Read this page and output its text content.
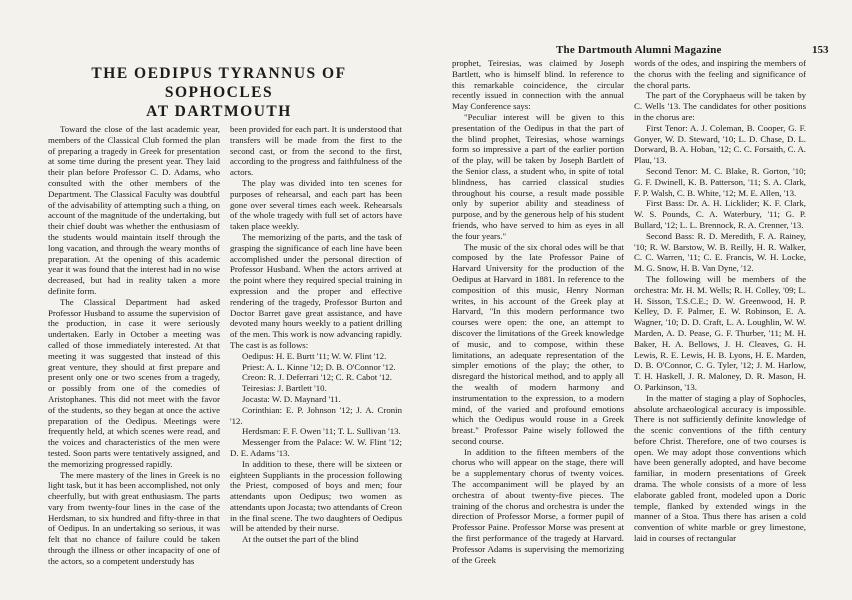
The Dartmouth Alumni Magazine	153
THE OEDIPUS TYRANNUS OF SOPHOCLES
AT DARTMOUTH

Toward the close of the last academic year, members of the Classical Club formed the plan of preparing a tragedy in Greek for presentation at some time during the present year. They laid their plan before Professor C. D. Adams, who consulted with the other members of the Department. The Classical Faculty was doubtful of the advisability of attempting such a thing, on account of the magnitude of the undertaking, but their chief doubt was whether the enthusiasm of the students would maintain itself through the long vacation, and through the weary months of preparation. At the opening of this academic year it was found that the interest had in no wise decreased, but had in reality taken a more definite form.

The Classical Department had asked Professor Husband to assume the supervision of the production, in case it were seriously undertaken. Early in October a meeting was called of those immediately interested. At that meeting it was suggested that instead of this great venture, they should at first prepare and present only one or two scenes from a tragedy, or possibly from one of the comedies of Aristophanes. This did not meet with the favor of the students, so they began at once the active preparation of the Oedipus. Meetings were frequently held, at which scenes were read, and the voices and characteristics of the men were tested. Soon parts were tentatively assigned, and the memorizing progressed rapidly.

The mere mastery of the lines in Greek is no light task, but it has been accomplished, not only cheerfully, but with great enthusiasm. The parts vary from twenty-four lines in the case of the Herdsman, to six hundred and fifty-three in that of Oedipus. In an undertaking so serious, it was felt that no chance of failure could be taken through the illness or other incapacity of one of the actors, so a competent understudy has

been provided for each part. It is understood that transfers will be made from the first to the second cast, or from the second to the first, according to the progress and faithfulness of the actors.

The play was divided into ten scenes for purposes of rehearsal, and each part has been gone over several times each week. Rehearsals of the whole tragedy with full set of actors have taken place weekly.

The memorizing of the parts, and the task of grasping the significance of each line have been accomplished under the personal direction of Professor Husband. When the actors arrived at the point where they required special training in expression and the proper and effective rendering of the tragedy, Professor Burton and Doctor Barret gave great assistance, and have devoted many hours weekly to a patient drilling of the men. This work is now advancing rapidly. The cast is as follows:

Oedipus: H. E. Burtt '11; W. W. Flint '12.

Priest: A. L. Kinne '12; D. B. O'Connor '12.

Creon: R. J. Deferrari '12; C. R. Cabot '12.

Teiresias: J. Bartlett '10.

Jocasta: W. D. Maynard '11.

Corinthian: E. P. Johnson '12; J. A. Cronin '12.

Herdsman: F. F. Owen '11; T. L. Sullivan '13.

Messenger from the Palace: W. W. Flint '12; D. E. Adams '13.

In addition to these, there will be sixteen or eighteen Suppliants in the procession following the Priest, composed of boys and men; four attendants upon Oedipus; two women as attendants upon Jocasta; two attendants of Creon in the final scene. The two daughters of Oedipus will be attended by their nurse.

At the outset the part of the blind

prophet, Teiresias, was claimed by Joseph Bartlett, who is himself blind. In reference to this remarkable coincidence, the circular recently issued in connection with the annual May Conference says:

"Peculiar interest will be given to this presentation of the Oedipus in that the part of the blind prophet, Teiresias, whose warnings form so impressive a part of the earlier portion of the play, will be taken by Joseph Bartlett of the Senior class, a student who, in spite of total blindness, has carried classical studies throughout his course, a result made possible only by superior ability and steadiness of purpose, and by the generous help of his student friends, who have served to him as eyes in all the four years."

The music of the six choral odes will be that composed by the late Professor Paine of Harvard University for the production of the Oedipus at Harvard in 1881. In reference to the composition of this music, Henry Norman writes, in his account of the Greek play at Harvard, "In this modern performance two courses were open: the one, an attempt to discover the limitations of the Greek knowledge of music, and to compose, within these limitations, an adequate representation of the simpler emotions of the play; the other, to disregard the historical method, and to apply all the wealth of modern harmony and instrumentation to the expression, to a modern mind, of the varied and profound emotions which the Oedipus would rouse in a Greek breast." Professor Paine wisely followed the second course.

In addition to the fifteen members of the chorus who will appear on the stage, there will be a supplementary chorus of twenty voices. The accompaniment will be played by an orchestra of about twenty-five pieces. The training of the chorus and orchestra is under the direction of Professor Morse, a former pupil of Professor Paine. Professor Morse was present at the first performance of the tragedy at Harvard. Professor Adams is supervising the memorizing of the Greek

words of the odes, and inspiring the members of the chorus with the feeling and significance of the choral parts.

The part of the Coryphaeus will be taken by C. Wells '13. The candidates for other positions in the chorus are:

First Tenor: A. J. Coleman, B. Cooper, G. F. Gonyer, W. D. Steward, '10; L. D. Chase, D. L. Dorward, B. A. Hoban, '12; C. C. Forsaith, C. A. Plau, '13.

Second Tenor: M. C. Blake, R. Gorton, '10; G. F. Dwinell, K. B. Patterson, '11; S. A. Clark, F. P. Walsh, C. B. White, '12; M. E. Allen, '13.

First Bass: Dr. A. H. Licklider; K. F. Clark, W. S. Pounds, C. A. Waterbury, '11; G. P. Bullard, '12; L. L. Brennock, R. A. Crenner, '13.

Second Bass: R. D. Meredith, F. A. Rainey, '10; R. W. Barstow, W. B. Reilly, H. R. Walker, C. C. Warren, '11; C. E. Francis, W. H. Locke, M. G. Snow, H. B. Van Dyne, '12.

The following will be members of the orchestra: Mr. H. M. Wells; R. H. Colley, '09; L. H. Sisson, T.S.C.E.; D. W. Greenwood, H. P. Kelley, D. F. Palmer, E. W. Robinson, E. A. Wagner, '10; D. D. Craft, L. A. Loughlin, W. W. Marden, A. D. Pease, G. F. Thurber, '11; M. H. Baker, H. A. Bellows, J. H. Cleaves, G. H. Lewis, R. E. Lewis, H. B. Lyons, H. E. Marden, D. B. O'Connor, C. G. Tyler, '12; J. M. Harlow, T. H. Haskell, J. R. Maloney, D. R. Mason, H. O. Parkinson, '13.

In the matter of staging a play of Sophocles, absolute archaeological accuracy is impossible. There is not sufficiently definite knowledge of the scenic conventions of the fifth century before Christ. Therefore, one of two courses is open. We may adopt those conventions which have been generally adopted, and have become familiar, in modern presentations of Greek drama. The whole consists of a more of less elaborate gabled front, modeled upon a Doric temple, flanked by extended wings in the manner of a Stoa. Thus there has arisen a cold convention of white marble or grey limestone, laid in courses of rectangular
